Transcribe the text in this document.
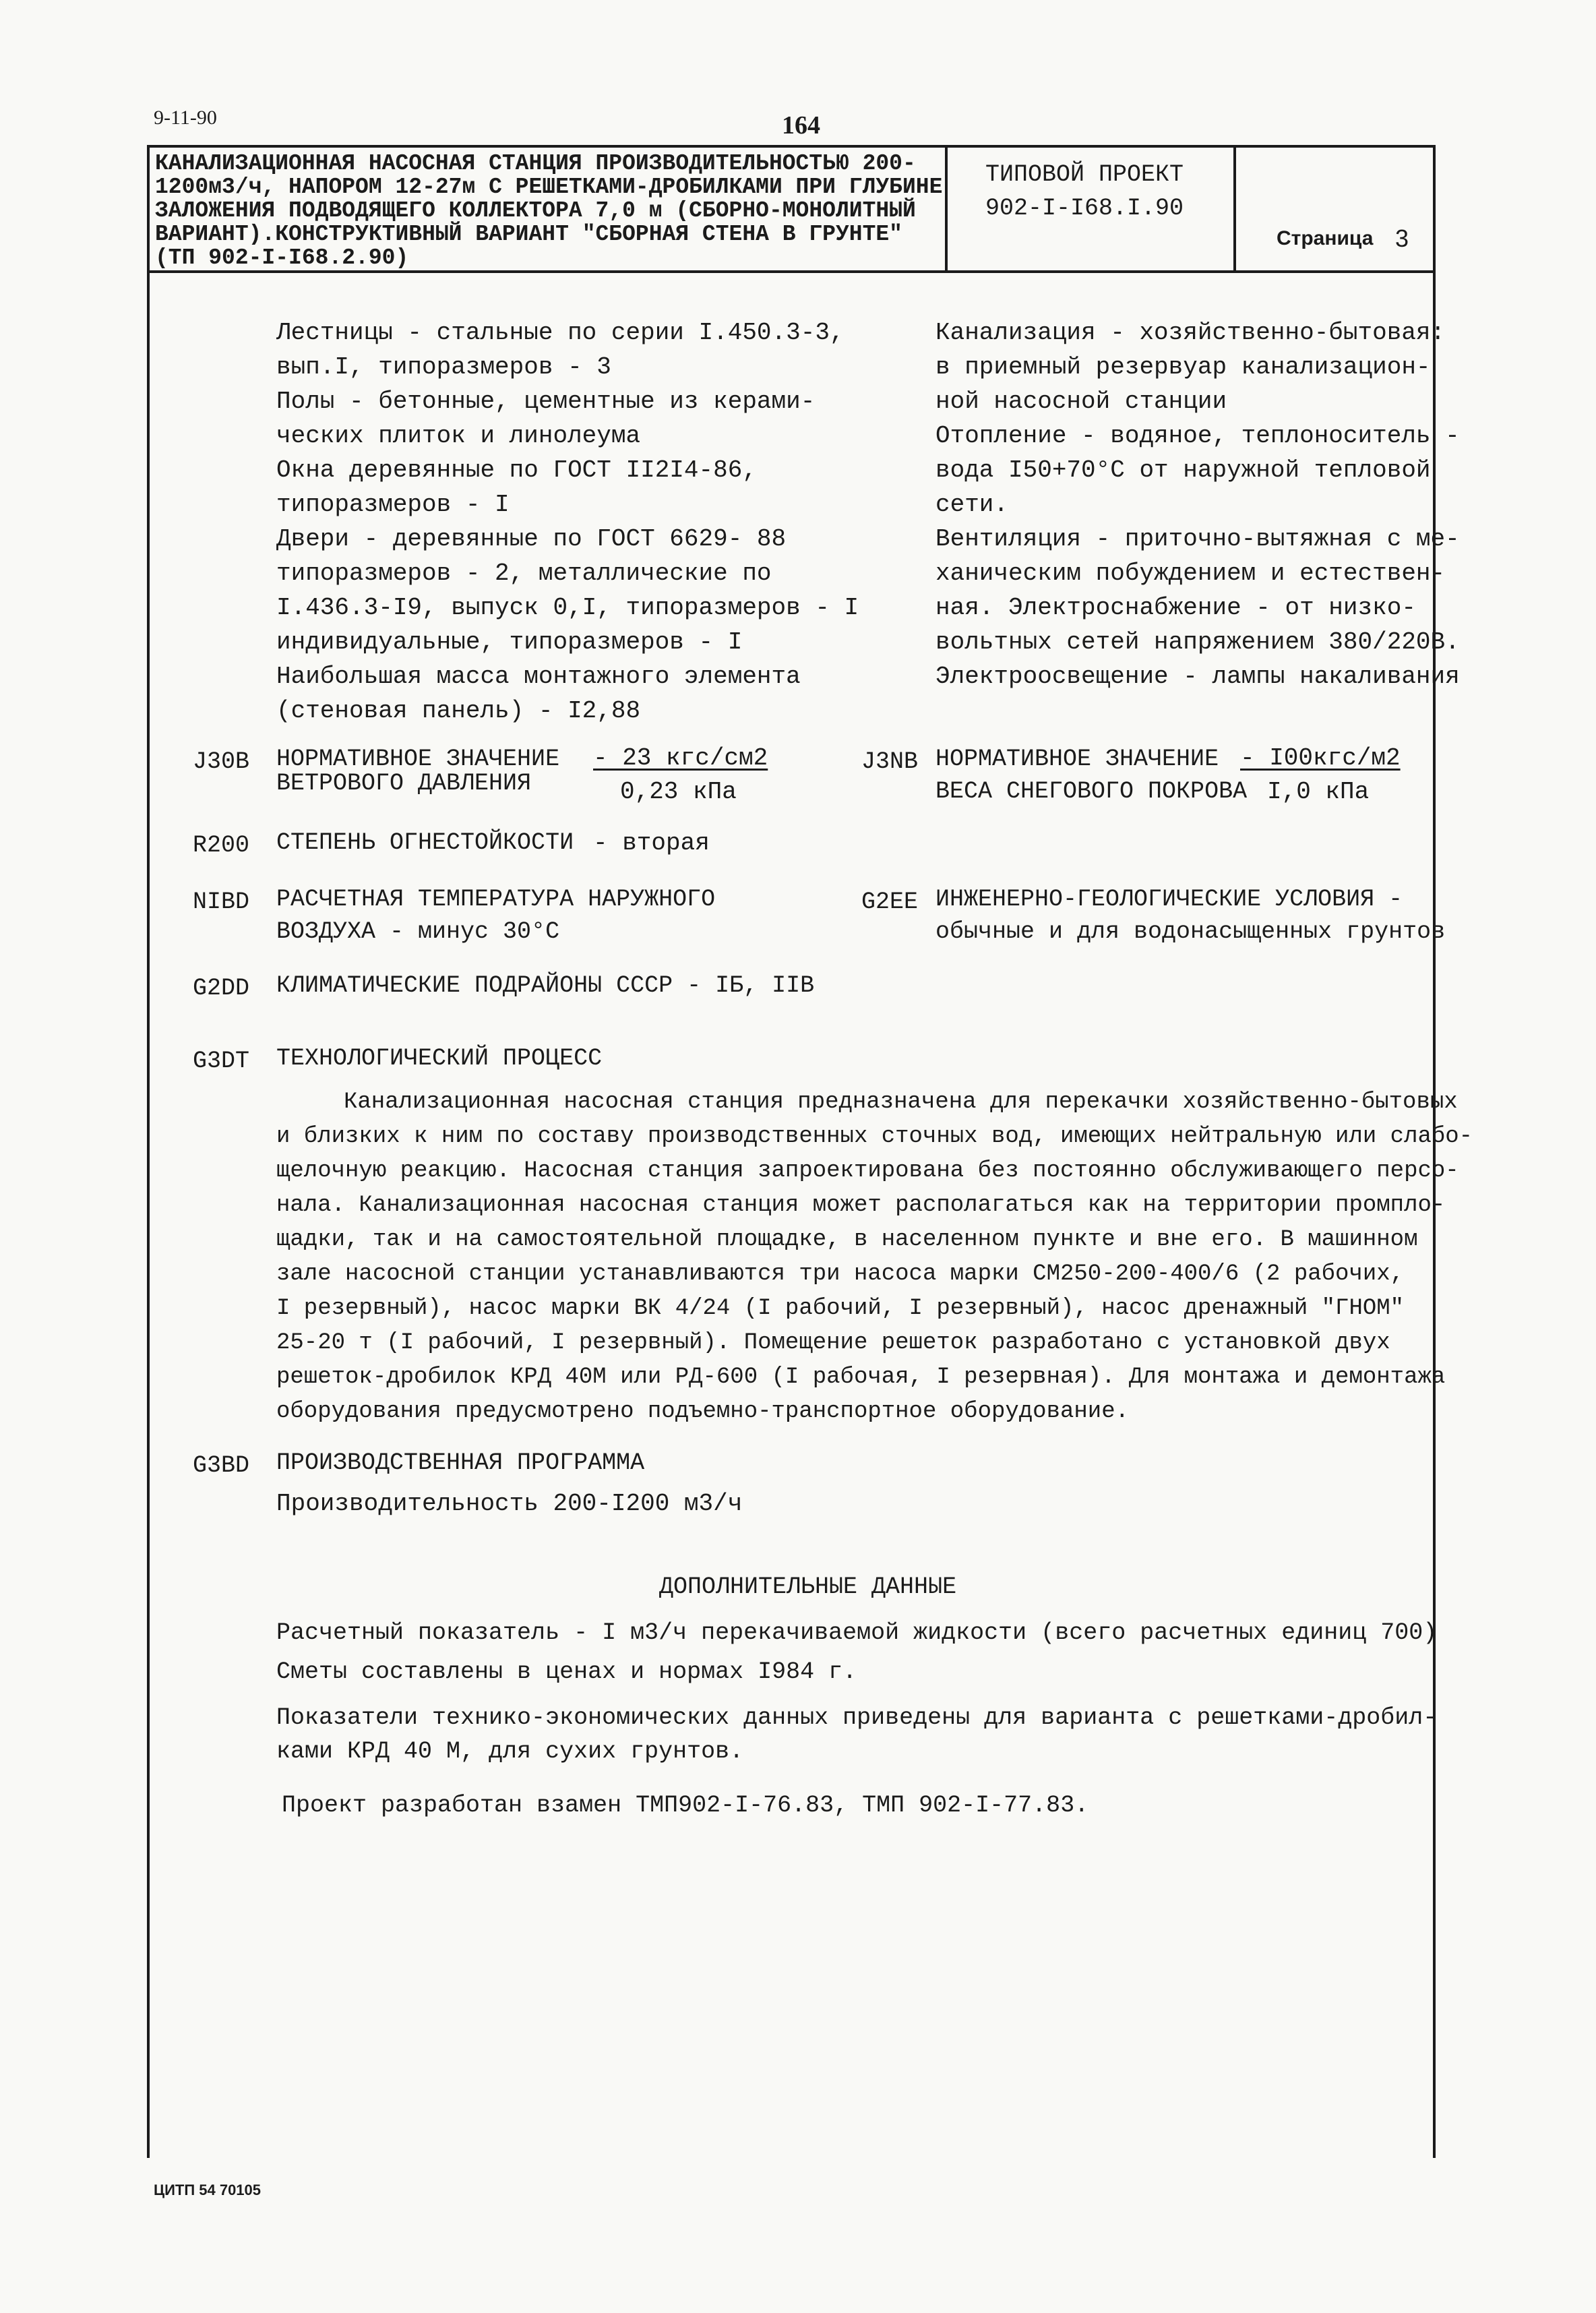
9-11-90	164
КАНАЛИЗАЦИОННАЯ НАСОСНАЯ СТАНЦИЯ ПРОИЗВОДИТЕЛЬНОСТЬЮ 200-
1200м3/ч, НАПОРОМ 12-27м С РЕШЕТКАМИ-ДРОБИЛКАМИ ПРИ ГЛУБИНЕ
ЗАЛОЖЕНИЯ ПОДВОДЯЩЕГО КОЛЛЕКТОРА 7,0 м (СБОРНО-МОНОЛИТНЫЙ
ВАРИАНТ).КОНСТРУКТИВНЫЙ ВАРИАНТ "СБОРНАЯ СТЕНА В ГРУНТЕ"
(ТП 902-I-I68.2.90)
ТИПОВОЙ ПРОЕКТ
902-I-I68.I.90
Страница 3
Лестницы - стальные по серии I.450.3-3,
вып.I, типоразмеров - 3
Полы - бетонные, цементные из керами-
ческих плиток и линолеума
Окна деревянные по ГОСТ II2I4-86,
типоразмеров - I
Двери - деревянные по ГОСТ 6629- 88
типоразмеров - 2, металлические по
I.436.3-I9, выпуск 0,I, типоразмеров - I
индивидуальные, типоразмеров - I
Наибольшая масса монтажного элемента
(стеновая панель) - I2,88
Канализация - хозяйственно-бытовая:
в приемный резервуар канализацион-
ной насосной станции
Отопление - водяное, теплоноситель -
вода I50+70°С от наружной тепловой
сети.
Вентиляция - приточно-вытяжная с ме-
ханическим побуждением и естествен-
ная. Электроснабжение - от низко-
вольтных сетей напряжением 380/220В.
Электроосвещение - лампы накаливания
J30B НОРМАТИВНОЕ ЗНАЧЕНИЕ
ВЕТРОВОГО ДАВЛЕНИЯ
- 23 кгс/см2
0,23 кПа
J3NB НОРМАТИВНОЕ ЗНАЧЕНИЕ
ВЕСА СНЕГОВОГО ПОКРОВА
- I00кгс/м2
I,0 кПа
R200 СТЕПЕНЬ ОГНЕСТОЙКОСТИ - вторая
NIBD РАСЧЕТНАЯ ТЕМПЕРАТУРА НАРУЖНОГО
ВОЗДУХА - минус 30°С
G2EE ИНЖЕНЕРНО-ГЕОЛОГИЧЕСКИЕ УСЛОВИЯ -
обычные и для водонасыщенных грунтов
G2DD КЛИМАТИЧЕСКИЕ ПОДРАЙОНЫ СССР - IБ, IIВ
G3DT ТЕХНОЛОГИЧЕСКИЙ ПРОЦЕСС
Канализационная насосная станция предназначена для перекачки хозяйственно-бытовых
и близких к ним по составу производственных сточных вод, имеющих нейтральную или слабо-
щелочную реакцию. Насосная станция запроектирована без постоянно обслуживающего персо-
нала. Канализационная насосная станция может располагаться как на территории промпло-
щадки, так и на самостоятельной площадке, в населенном пункте и вне его. В машинном
зале насосной станции устанавливаются три насоса марки СМ250-200-400/6 (2 рабочих,
I резервный), насос марки ВК 4/24 (I рабочий, I резервный), насос дренажный "ГНОМ"
25-20 т (I рабочий, I резервный). Помещение решеток разработано с установкой двух
решеток-дробилок КРД 40М или РД-600 (I рабочая, I резервная). Для монтажа и демонтажа
оборудования предусмотрено подъемно-транспортное оборудование.
G3BD ПРОИЗВОДСТВЕННАЯ ПРОГРАММА
Производительность 200-I200 м3/ч
ДОПОЛНИТЕЛЬНЫЕ ДАННЫЕ
Расчетный показатель - I м3/ч перекачиваемой жидкости (всего расчетных единиц 700)
Сметы составлены в ценах и нормах I984 г.
Показатели технико-экономических данных приведены для варианта с решетками-дробил-
ками КРД 40 М, для сухих грунтов.
Проект разработан взамен ТМП902-I-76.83, ТМП 902-I-77.83.
ЦИТП 54 70105
